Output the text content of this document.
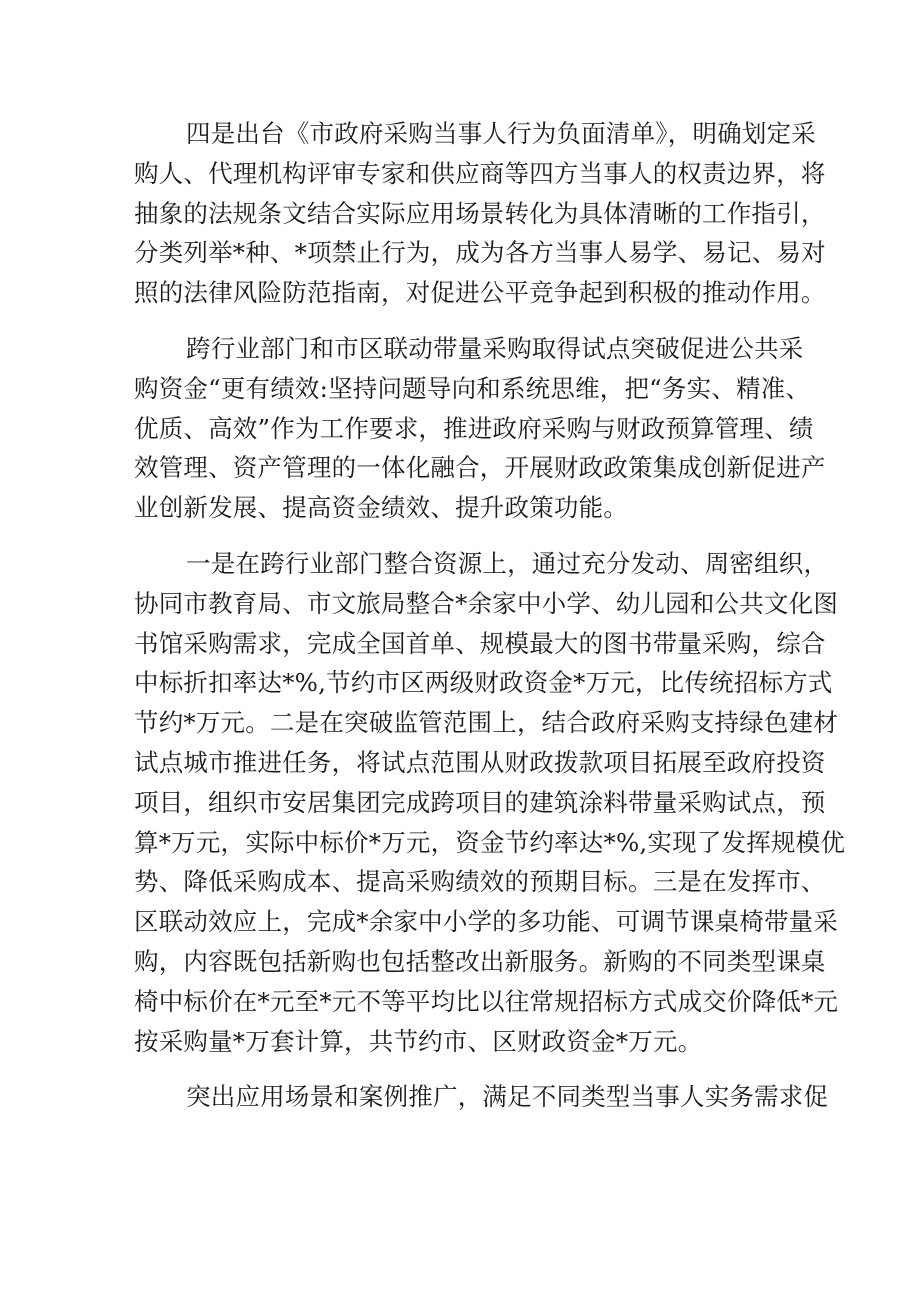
四是出台《市政府采购当事人行为负面清单》，明确划定采
购人、代理机构评审专家和供应商等四方当事人的权责边界，将
抽象的法规条文结合实际应用场景转化为具体清晰的工作指引，
分类列举*种、*项禁止行为，成为各方当事人易学、易记、易对
照的法律风险防范指南，对促进公平竞争起到积极的推动作用。
跨行业部门和市区联动带量采购取得试点突破促进公共采
购资金“更有绩效:坚持问题导向和系统思维，把“务实、精准、
优质、高效”作为工作要求，推进政府采购与财政预算管理、绩
效管理、资产管理的一体化融合，开展财政政策集成创新促进产
业创新发展、提高资金绩效、提升政策功能。
一是在跨行业部门整合资源上，通过充分发动、周密组织，
协同市教育局、市文旅局整合*余家中小学、幼儿园和公共文化图
书馆采购需求，完成全国首单、规模最大的图书带量采购，综合
中标折扣率达*%,节约市区两级财政资金*万元，比传统招标方式
节约*万元。二是在突破监管范围上，结合政府采购支持绿色建材
试点城市推进任务，将试点范围从财政拨款项目拓展至政府投资
项目，组织市安居集团完成跨项目的建筑涂料带量采购试点，预
算*万元，实际中标价*万元，资金节约率达*%,实现了发挥规模优
势、降低采购成本、提高采购绩效的预期目标。三是在发挥市、
区联动效应上，完成*余家中小学的多功能、可调节课桌椅带量采
购，内容既包括新购也包括整改出新服务。新购的不同类型课桌
椅中标价在*元至*元不等平均比以往常规招标方式成交价降低*元
按采购量*万套计算，共节约市、区财政资金*万元。
突出应用场景和案例推广，满足不同类型当事人实务需求促
